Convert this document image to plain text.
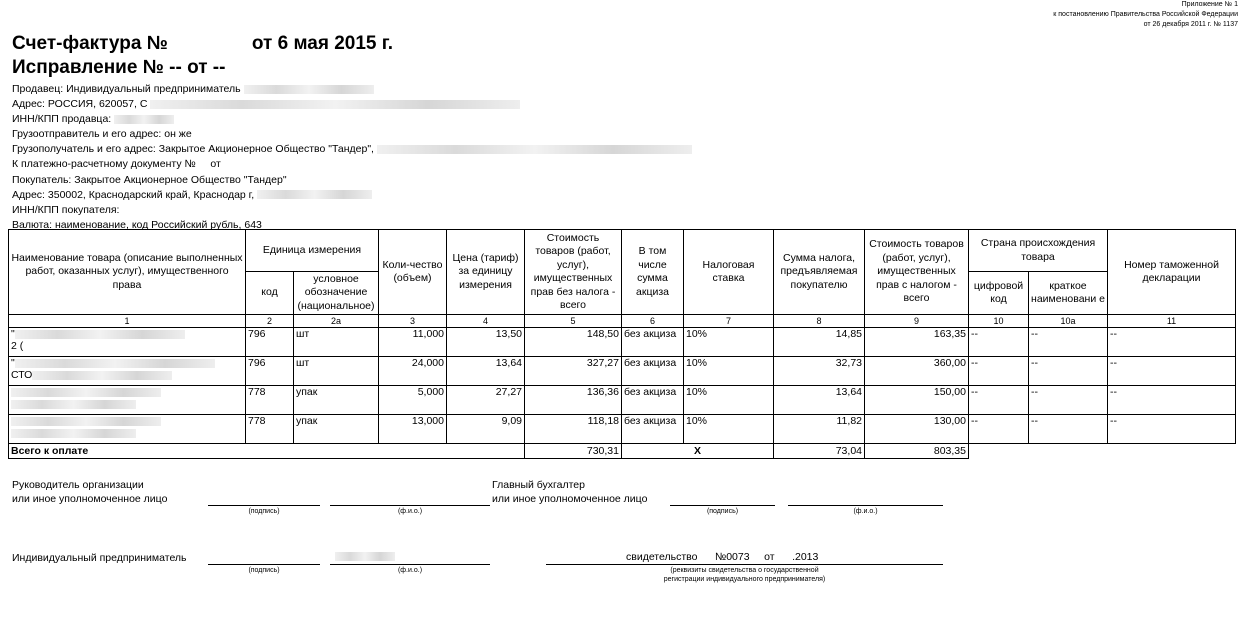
Приложение № 1
к постановлению Правительства Российской Федерации
от 26 декабря 2011 г. № 1137
Счет-фактура №	от 6 мая 2015 г.
Исправление № -- от --
Продавец: Индивидуальный предприниматель
Адрес: РОССИЯ, 620057, С
ИНН/КПП продавца:
Грузоотправитель и его адрес: он же
Грузополучатель и его адрес: Закрытое Акционерное Общество "Тандер",
К платежно-расчетному документу №     от
Покупатель: Закрытое Акционерное Общество "Тандер"
Адрес: 350002, Краснодарский край, Краснодар г,
ИНН/КПП покупателя:
Валюта: наименование, код Российский рубль, 643
Наименование товара (описание выполненных работ, оказанных услуг), имущественного права	Единица измерения		Коли-чество (объем)	Цена (тариф) за единицу измерения	Стоимость товаров (работ, услуг), имущественных прав без налога - всего	В том числе сумма акциза	Налоговая ставка	Сумма налога, предъявляемая покупателю	Стоимость товаров (работ, услуг), имущественных прав с налогом - всего	Страна происхождения товара		Номер таможенной декларации
	код	условное обозначение (национальное)								цифровой код	краткое наименовани е	
1	2	2а	3	4	5	6	7	8	9	10	10а	11
"
2 (	796	шт	11,000	13,50	148,50	без акциза	10%	14,85	163,35	--	--	--
"
СТО	796	шт	24,000	13,64	327,27	без акциза	10%	32,73	360,00	--	--	--

	778	упак	5,000	27,27	136,36	без акциза	10%	13,64	150,00	--	--	--

	778	упак	13,000	9,09	118,18	без акциза	10%	11,82	130,00	--	--	--
Всего к оплате					730,31	X		73,04	803,35			
Руководитель организации
или иное уполномоченное лицо
(подпись)	(ф.и.о.)
Главный бухгалтер
или иное уполномоченное лицо
(подпись)	(ф.и.о.)
Индивидуальный предприниматель
(подпись)	(ф.и.о.)
свидетельство      №0073     от      .2013
(реквизиты свидетельства о государственной
регистрации индивидуального предпринимателя)
